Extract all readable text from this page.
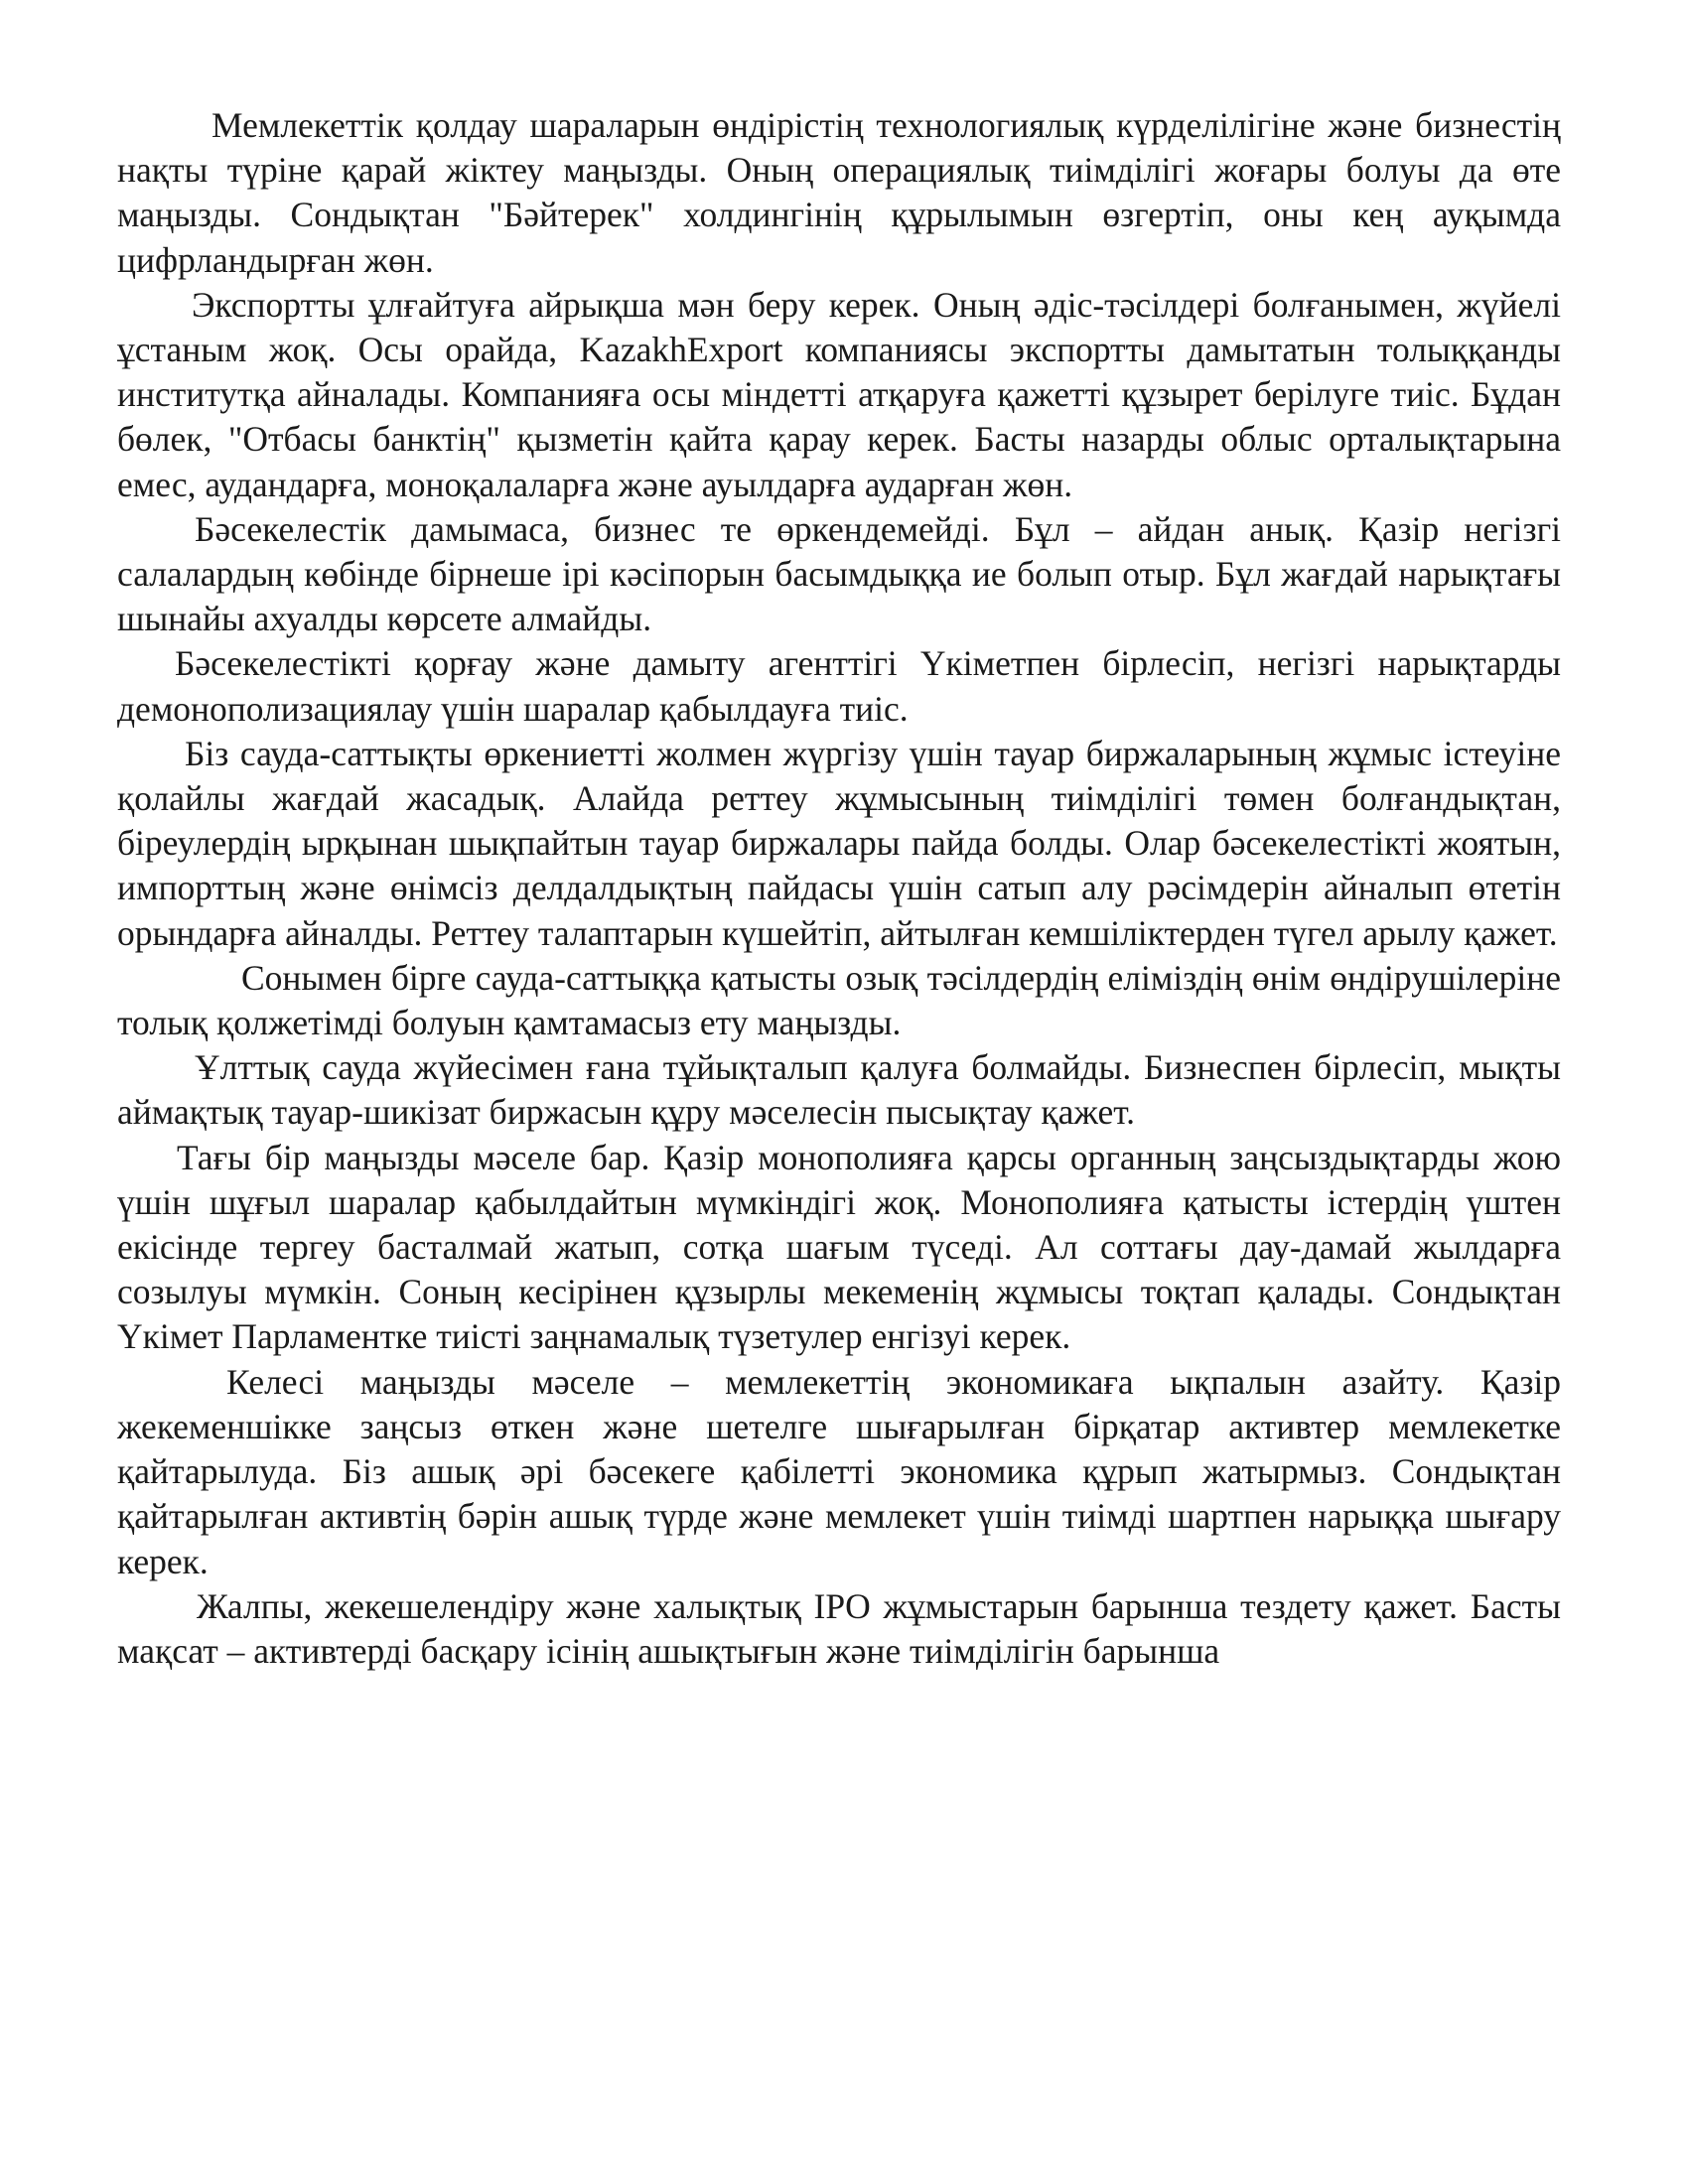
Мемлекеттік қолдау шараларын өндірістің технологиялық күрделілігіне және бизнестің нақты түріне қарай жіктеу маңызды. Оның операциялық тиімділігі жоғары болуы да өте маңызды. Сондықтан "Бәйтерек" холдингінің құрылымын өзгертіп, оны кең ауқымда цифрландырған жөн.

Экспортты ұлғайтуға айрықша мән беру керек. Оның әдіс-тәсілдері болғанымен, жүйелі ұстаным жоқ. Осы орайда, KazakhExport компаниясы экспортты дамытатын толыққанды институтқа айналады. Компанияға осы міндетті атқаруға қажетті құзырет берілуге тиіс. Бұдан бөлек, "Отбасы банктің" қызметін қайта қарау керек. Басты назарды облыс орталықтарына емес, аудандарға, моноқалаларға және ауылдарға аударған жөн.

Бәсекелестік дамымаса, бизнес те өркендемейді. Бұл – айдан анық. Қазір негізгі салалардың көбінде бірнеше ірі кәсіпорын басымдыққа ие болып отыр. Бұл жағдай нарықтағы шынайы ахуалды көрсете алмайды.

Бәсекелестікті қорғау және дамыту агенттігі Үкіметпен бірлесіп, негізгі нарықтарды демонополизациялау үшін шаралар қабылдауға тиіс.

Біз сауда-саттықты өркениетті жолмен жүргізу үшін тауар биржаларының жұмыс істеуіне қолайлы жағдай жасадық. Алайда реттеу жұмысының тиімділігі төмен болғандықтан, біреулердің ырқынан шықпайтын тауар биржалары пайда болды. Олар бәсекелестікті жоятын, импорттың және өнімсіз делдалдықтың пайдасы үшін сатып алу рәсімдерін айналып өтетін орындарға айналды. Реттеу талаптарын күшейтіп, айтылған кемшіліктерден түгел арылу қажет.

Сонымен бірге сауда-саттыққа қатысты озық тәсілдердің еліміздің өнім өндірушілеріне толық қолжетімді болуын қамтамасыз ету маңызды.

Ұлттық сауда жүйесімен ғана тұйықталып қалуға болмайды. Бизнеспен бірлесіп, мықты аймақтық тауар-шикізат биржасын құру мәселесін пысықтау қажет.

Тағы бір маңызды мәселе бар. Қазір монополияға қарсы органның заңсыздықтарды жою үшін шұғыл шаралар қабылдайтын мүмкіндігі жоқ. Монополияға қатысты істердің үштен екісінде тергеу басталмай жатып, сотқа шағым түседі. Ал соттағы дау-дамай жылдарға созылуы мүмкін. Соның кесірінен құзырлы мекеменің жұмысы тоқтап қалады. Сондықтан Үкімет Парламентке тиісті заңнамалық түзетулер енгізуі керек.

Келесі маңызды мәселе – мемлекеттің экономикаға ықпалын азайту. Қазір жекеменшікке заңсыз өткен және шетелге шығарылған бірқатар активтер мемлекетке қайтарылуда. Біз ашық әрі бәсекеге қабілетті экономика құрып жатырмыз. Сондықтан қайтарылған активтің бәрін ашық түрде және мемлекет үшін тиімді шартпен нарыққа шығару керек.

Жалпы, жекешелендіру және халықтық IPO жұмыстарын барынша тездету қажет. Басты мақсат – активтерді басқару ісінің ашықтығын және тиімділігін барынша
